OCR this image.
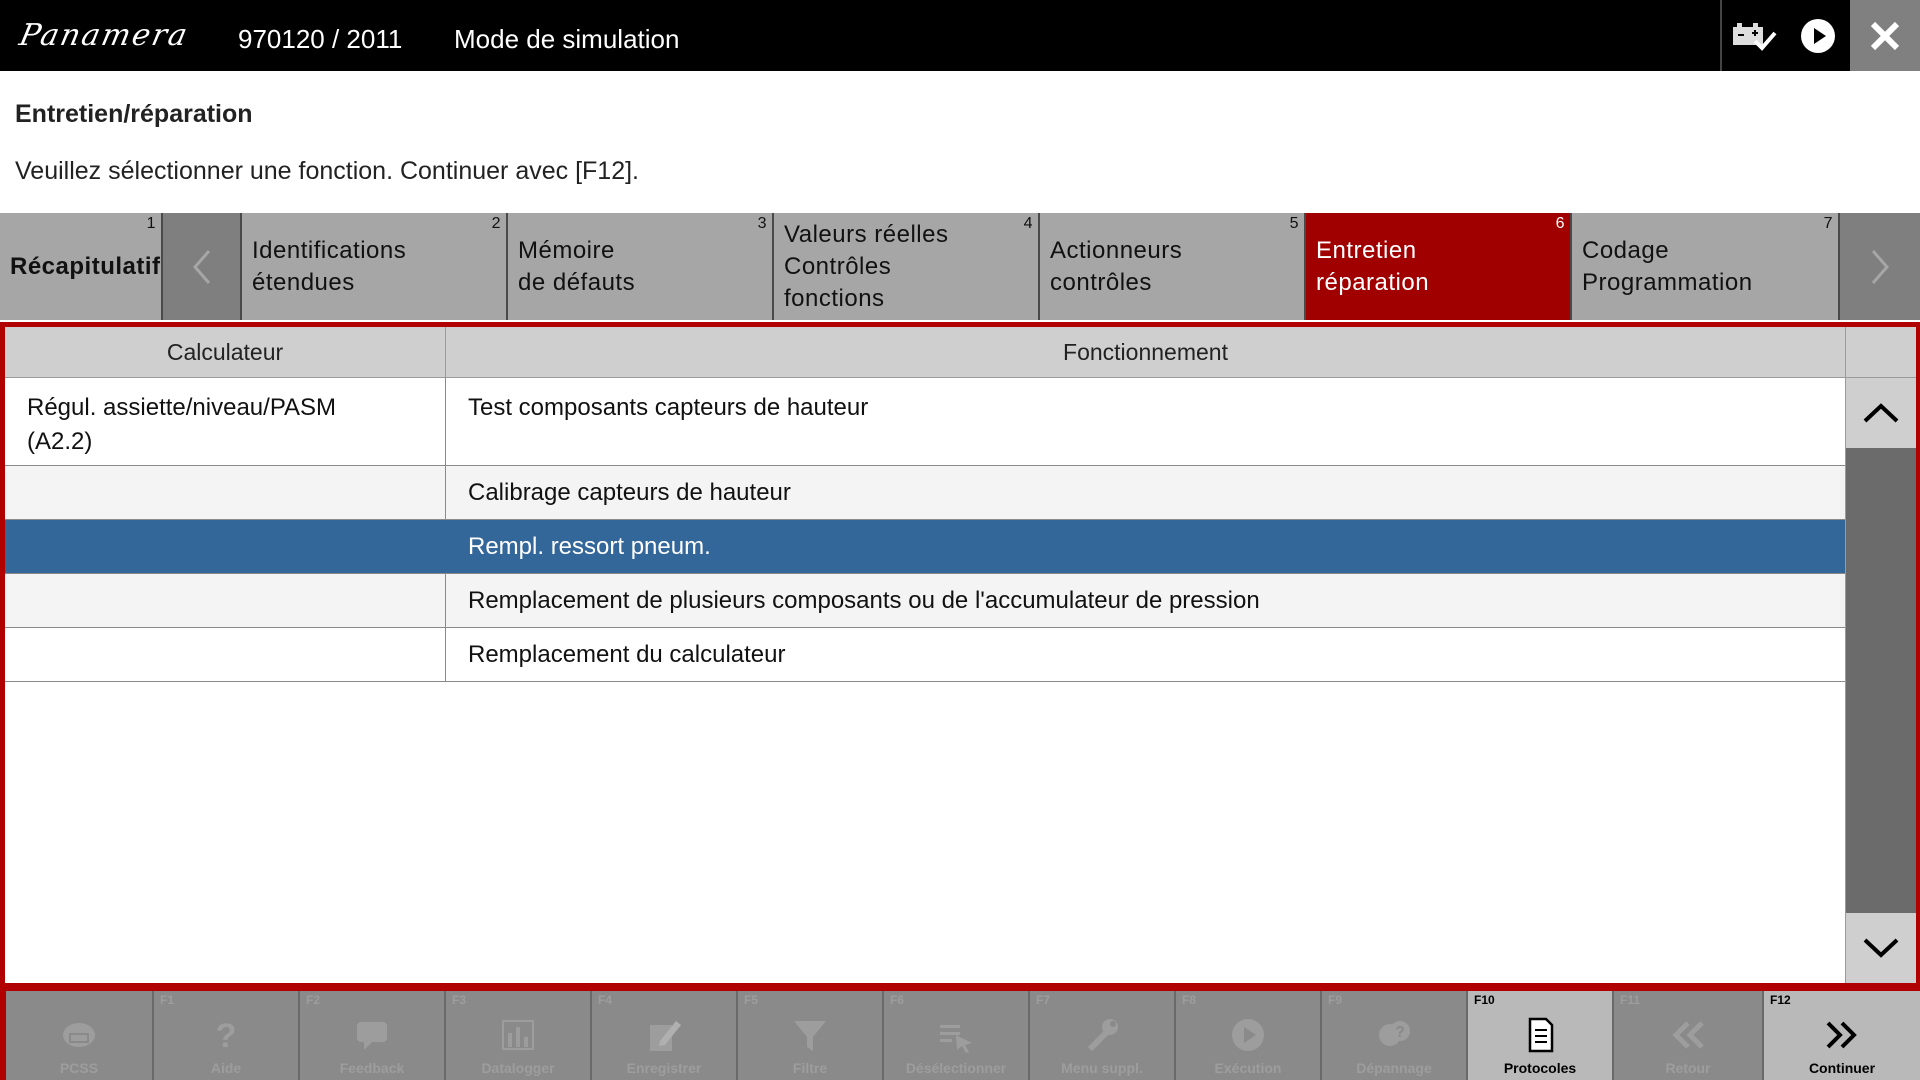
Panamera 970120 / 2011 Mode de simulation
Entretien/réparation
Veuillez sélectionner une fonction. Continuer avec [F12].
1
Récapitulatif
2
Identifications
étendues
3
Mémoire
de défauts
4
Valeurs réelles
Contrôles
fonctions
5
Actionneurs
contrôles
6
Entretien
réparation
7
Codage
Programmation
Calculateur	Fonctionnement
Régul. assiette/niveau/PASM
(A2.2)
Test composants capteurs de hauteur
Calibrage capteurs de hauteur
Rempl. ressort pneum.
Remplacement de plusieurs composants ou de l'accumulateur de pression
Remplacement du calculateur
PCSS
F1
?
Aide
F2
Feedback
F3
Datalogger
F4
Enregistrer
F5
Filtre
F6
Désélectionner
F7
Menu suppl.
F8
Exécution
F9
?
Dépannage
F10
Protocoles
F11
Retour
F12
Continuer
